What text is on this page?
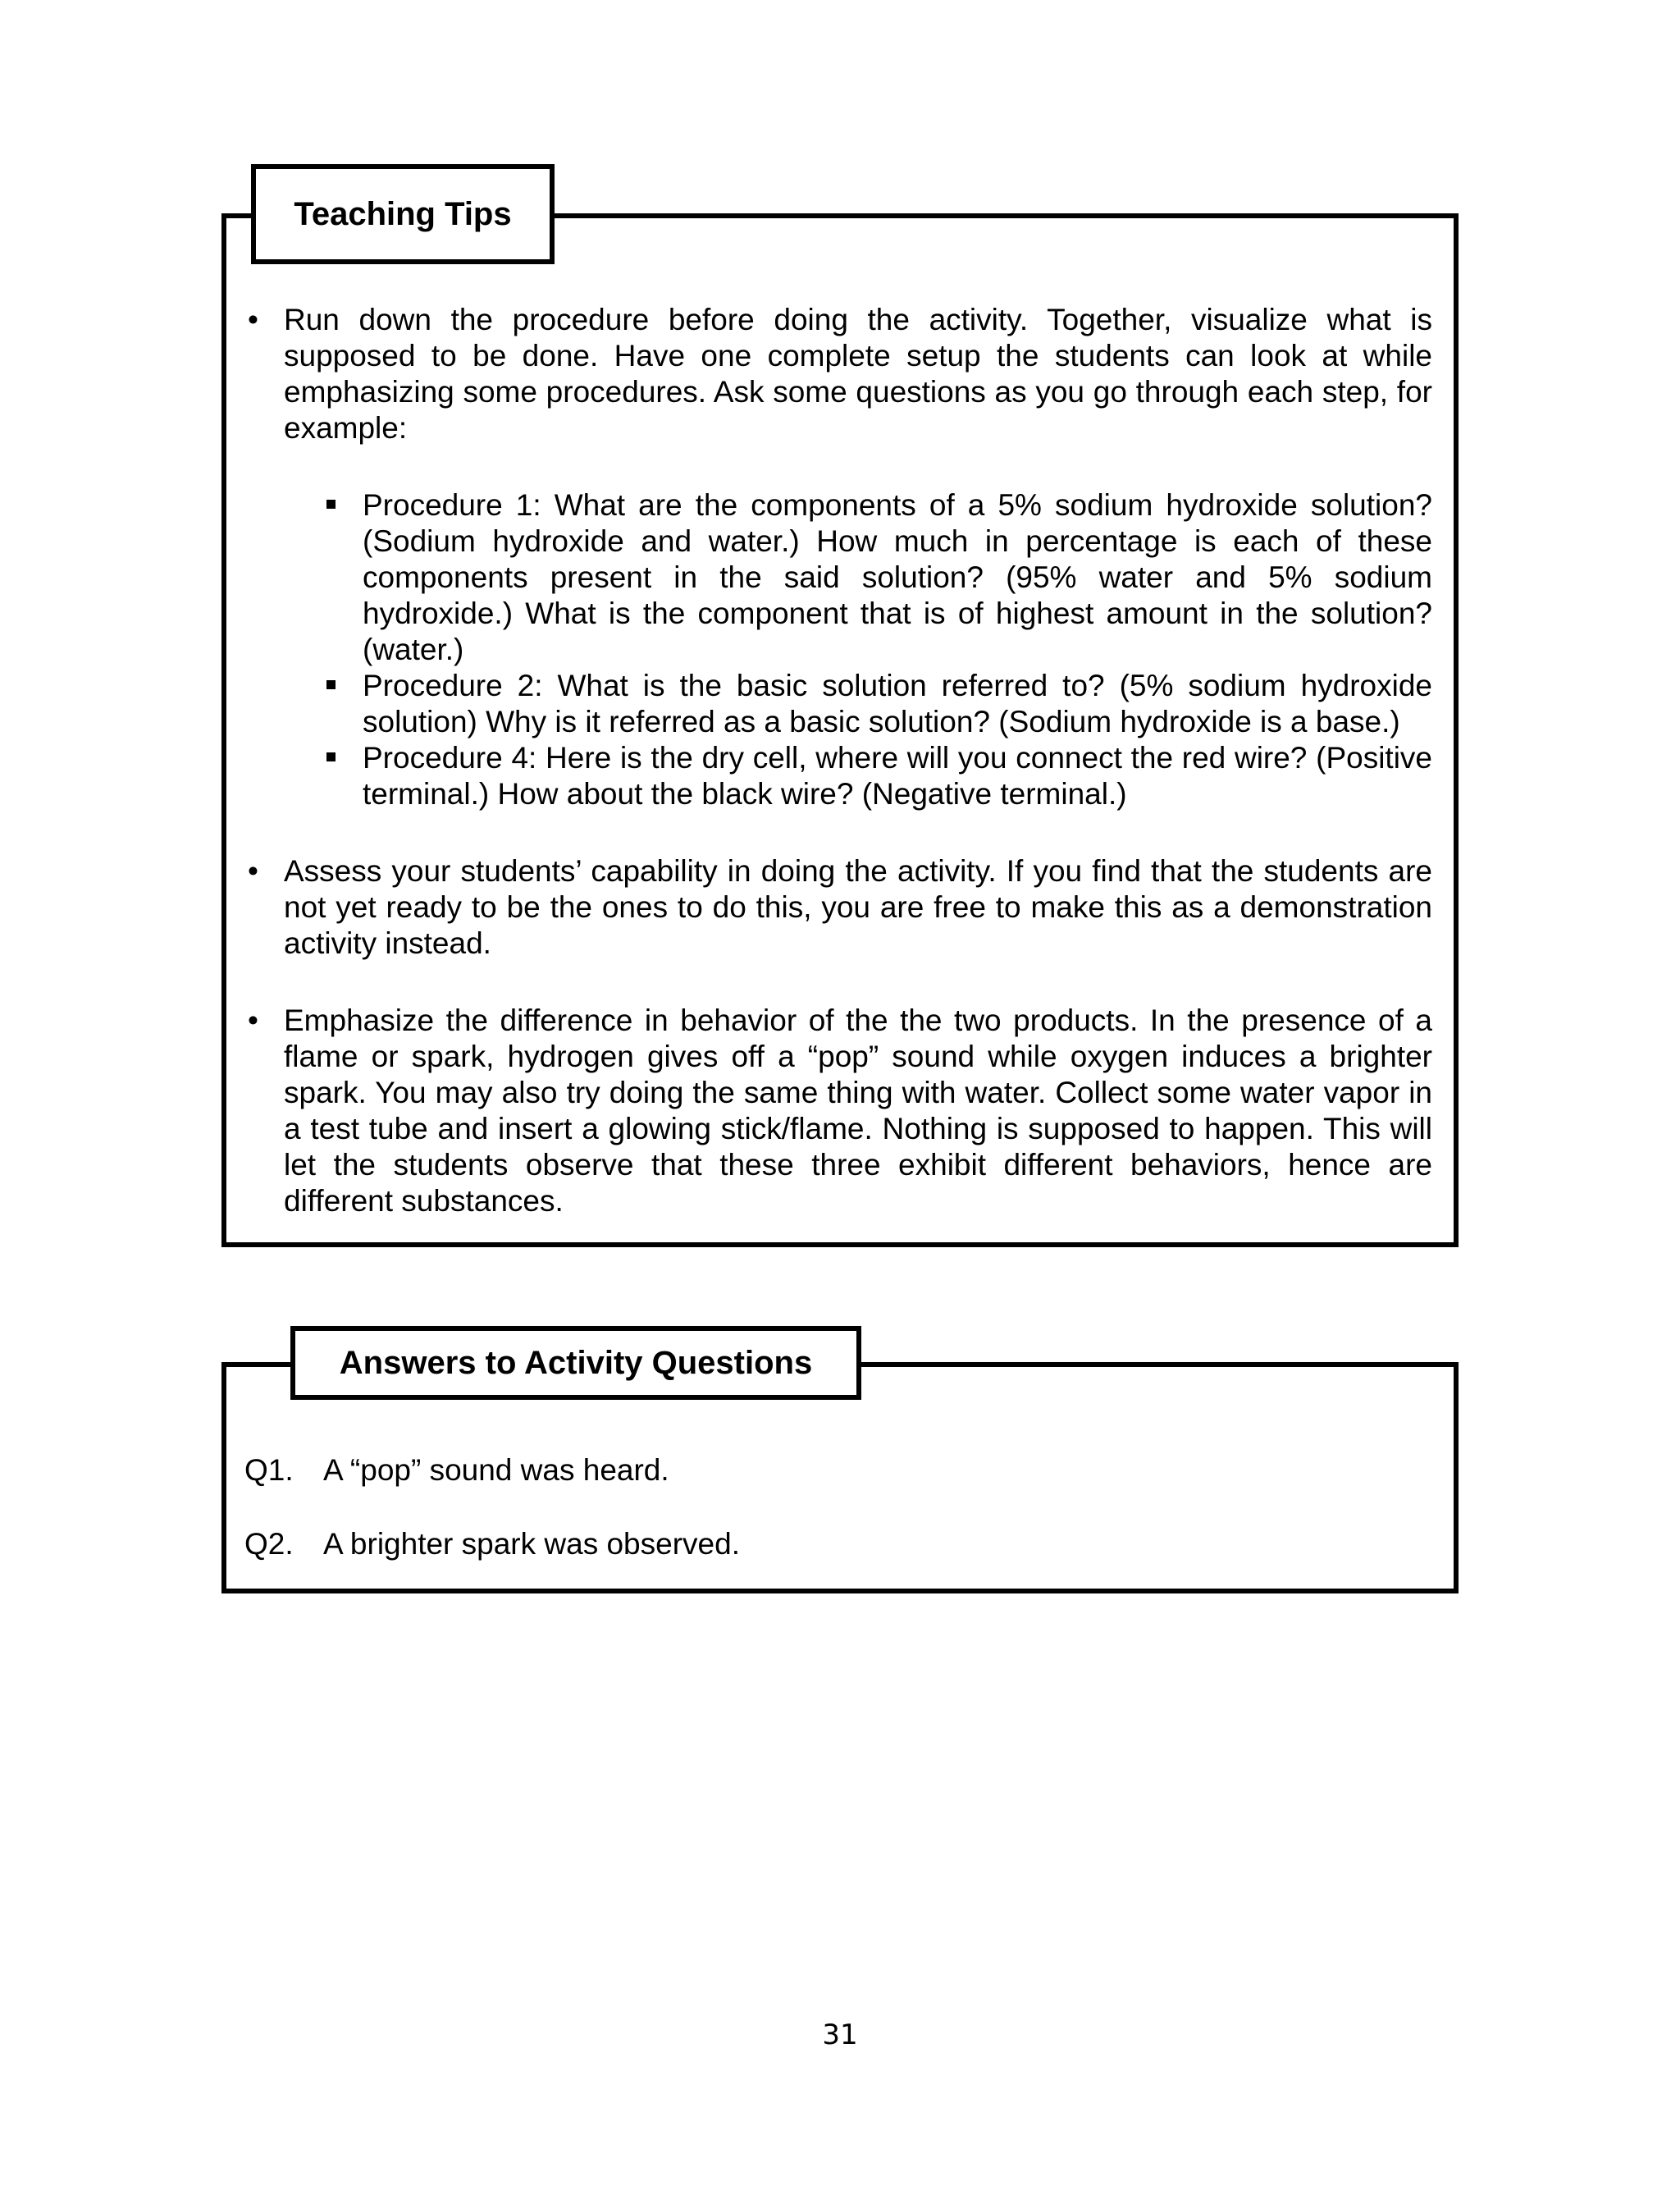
Teaching Tips
• Run down the procedure before doing the activity. Together, visualize what is supposed to be done. Have one complete setup the students can look at while emphasizing some procedures. Ask some questions as you go through each step, for example:
Procedure 1: What are the components of a 5% sodium hydroxide solution? (Sodium hydroxide and water.) How much in percentage is each of these components present in the said solution? (95% water and 5% sodium hydroxide.) What is the component that is of highest amount in the solution? (water.)
Procedure 2: What is the basic solution referred to? (5% sodium hydroxide solution) Why is it referred as a basic solution? (Sodium hydroxide is a base.)
Procedure 4: Here is the dry cell, where will you connect the red wire? (Positive terminal.) How about the black wire? (Negative terminal.)
• Assess your students’ capability in doing the activity. If you find that the students are not yet ready to be the ones to do this, you are free to make this as a demonstration activity instead.
• Emphasize the difference in behavior of the the two products. In the presence of a flame or spark, hydrogen gives off a “pop” sound while oxygen induces a brighter spark. You may also try doing the same thing with water. Collect some water vapor in a test tube and insert a glowing stick/flame. Nothing is supposed to happen. This will let the students observe that these three exhibit different behaviors, hence are different substances.
Answers to Activity Questions
Q1. A “pop” sound was heard.
Q2. A brighter spark was observed.
31
